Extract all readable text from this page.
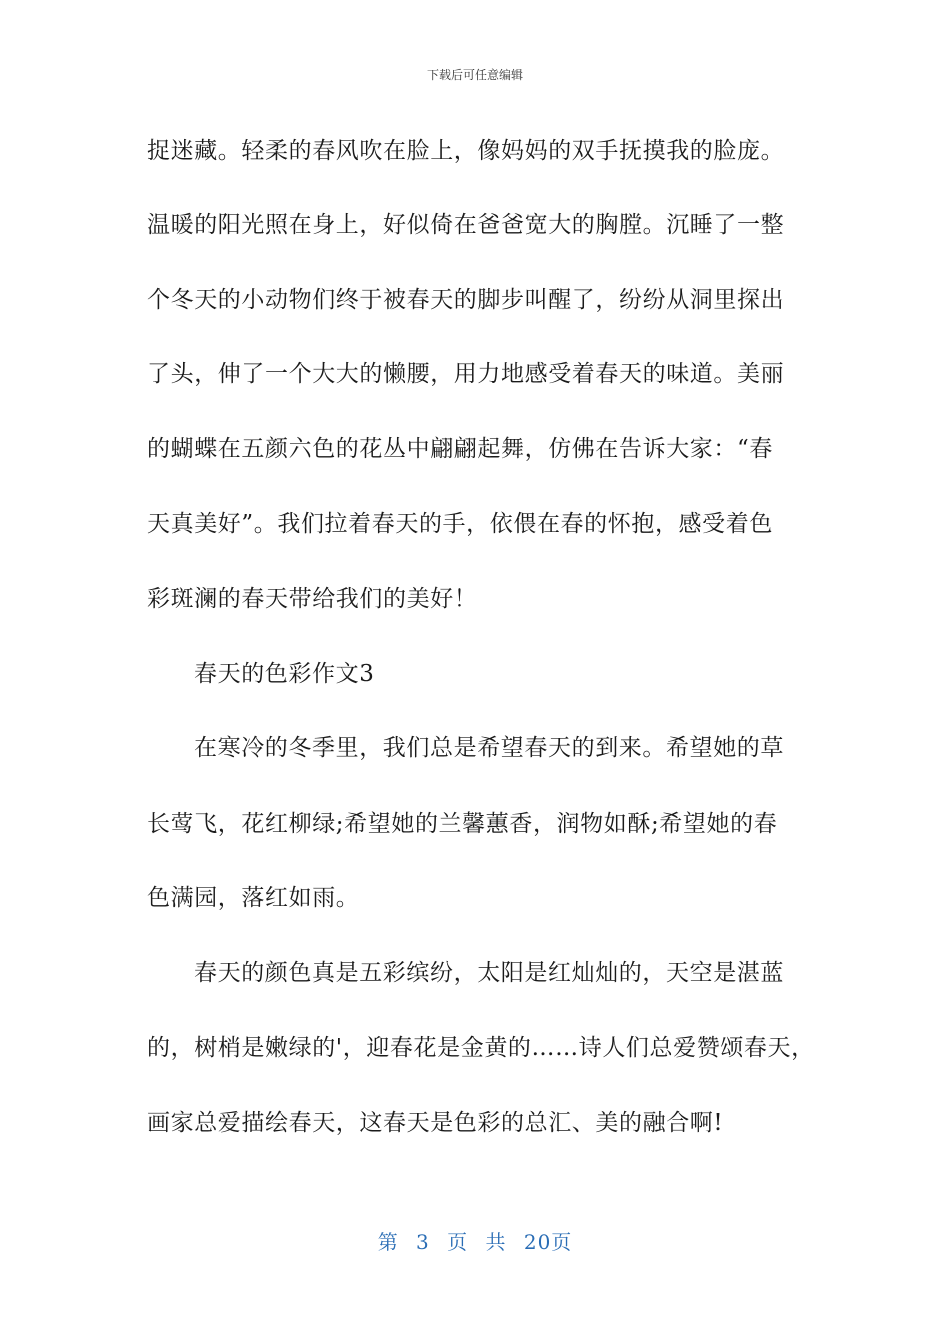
下载后可任意编辑
捉迷藏。轻柔的春风吹在脸上，像妈妈的双手抚摸我的脸庞。
温暖的阳光照在身上，好似倚在爸爸宽大的胸膛。沉睡了一整
个冬天的小动物们终于被春天的脚步叫醒了，纷纷从洞里探出
了头，伸了一个大大的懒腰，用力地感受着春天的味道。美丽
的蝴蝶在五颜六色的花丛中翩翩起舞，仿佛在告诉大家：“春
天真美好”。我们拉着春天的手，依偎在春的怀抱，感受着色
彩斑澜的春天带给我们的美好！
春天的色彩作文3
在寒冷的冬季里，我们总是希望春天的到来。希望她的草
长莺飞，花红柳绿;希望她的兰馨蕙香，润物如酥;希望她的春
色满园，落红如雨。
春天的颜色真是五彩缤纷，太阳是红灿灿的，天空是湛蓝
的，树梢是嫩绿的'，迎春花是金黄的……诗人们总爱赞颂春天，
画家总爱描绘春天，这春天是色彩的总汇、美的融合啊!
第 3 页 共 20页
